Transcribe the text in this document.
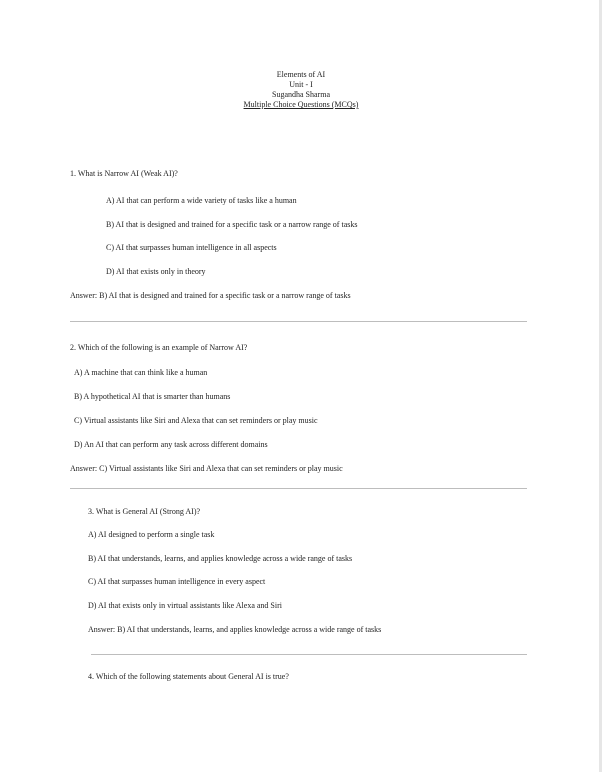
Elements of AI
Unit - I
Sugandha Sharma
Multiple Choice Questions (MCQs)
1. What is Narrow AI (Weak AI)?
A) AI that can perform a wide variety of tasks like a human
B) AI that is designed and trained for a specific task or a narrow range of tasks
C) AI that surpasses human intelligence in all aspects
D) AI that exists only in theory
Answer: B) AI that is designed and trained for a specific task or a narrow range of tasks
2. Which of the following is an example of Narrow AI?
A) A machine that can think like a human
B) A hypothetical AI that is smarter than humans
C) Virtual assistants like Siri and Alexa that can set reminders or play music
D) An AI that can perform any task across different domains
Answer: C) Virtual assistants like Siri and Alexa that can set reminders or play music
3. What is General AI (Strong AI)?
A) AI designed to perform a single task
B) AI that understands, learns, and applies knowledge across a wide range of tasks
C) AI that surpasses human intelligence in every aspect
D) AI that exists only in virtual assistants like Alexa and Siri
Answer: B) AI that understands, learns, and applies knowledge across a wide range of tasks
4. Which of the following statements about General AI is true?
